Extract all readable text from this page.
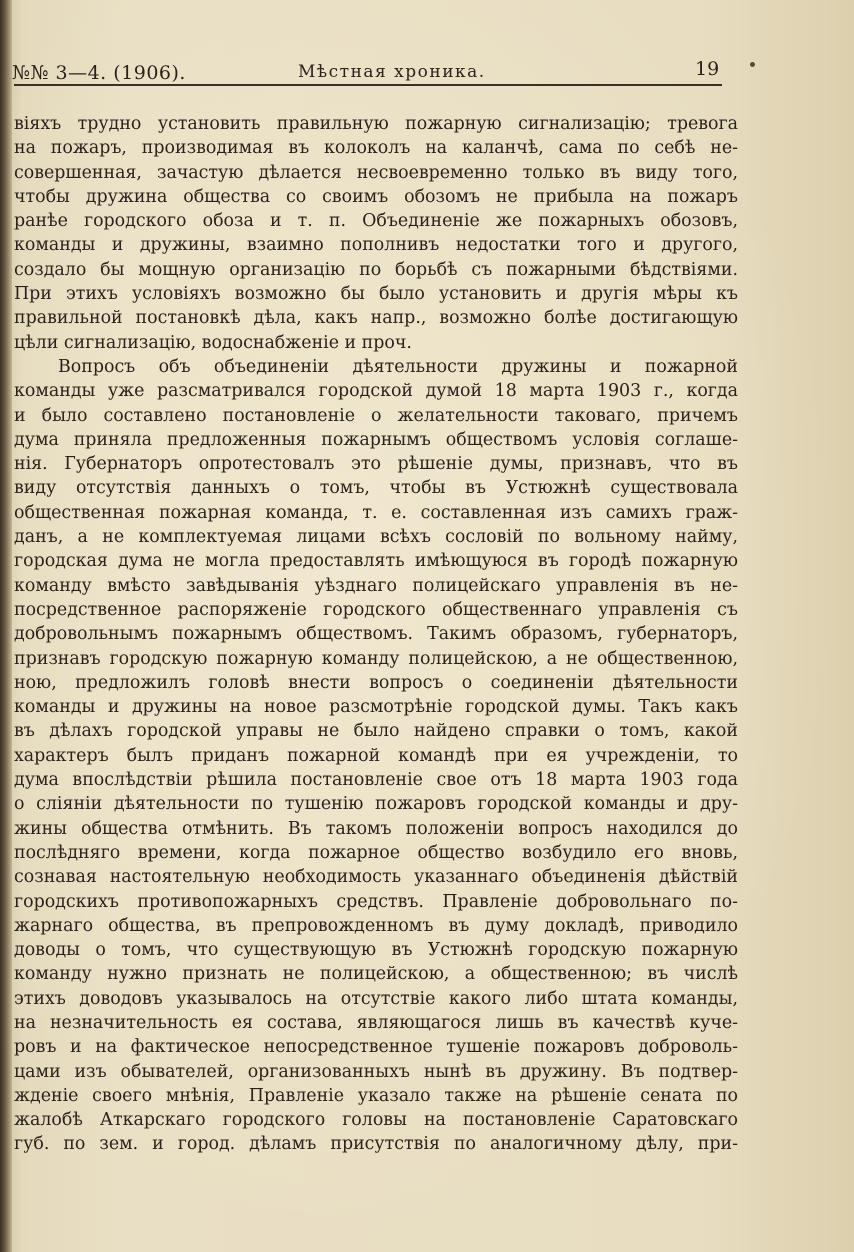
№№ 3—4. (1906).	Мѣстная хроника.	19
віяхъ трудно установить правильную пожарную сигнализацію; тревога
на пожаръ, производимая въ колоколъ на каланчѣ, сама по себѣ не-
совершенная, зачастую дѣлается несвоевременно только въ виду того,
чтобы дружина общества со своимъ обозомъ не прибыла на пожаръ
ранѣе городского обоза и т. п. Объединеніе же пожарныхъ обозовъ,
команды и дружины, взаимно пополнивъ недостатки того и другого,
создало бы мощную организацію по борьбѣ съ пожарными бѣдствіями.
При этихъ условіяхъ возможно бы было установить и другія мѣры къ
правильной постановкѣ дѣла, какъ напр., возможно болѣе достигающую
цѣли сигнализацію, водоснабженіе и проч.
Вопросъ объ объединеніи дѣятельности дружины и пожарной
команды уже разсматривался городской думой 18 марта 1903 г., когда
и было составлено постановленіе о желательности таковаго, причемъ
дума приняла предложенныя пожарнымъ обществомъ условія соглаше-
нія. Губернаторъ опротестовалъ это рѣшеніе думы, признавъ, что въ
виду отсутствія данныхъ о томъ, чтобы въ Устюжнѣ существовала
общественная пожарная команда, т. е. составленная изъ самихъ граж-
данъ, а не комплектуемая лицами всѣхъ сословій по вольному найму,
городская дума не могла предоставлять имѣющуюся въ городѣ пожарную
команду вмѣсто завѣдыванія уѣзднаго полицейскаго управленія въ не-
посредственное распоряженіе городского общественнаго управленія съ
добровольнымъ пожарнымъ обществомъ. Такимъ образомъ, губернаторъ,
признавъ городскую пожарную команду полицейскою, а не общественною,
ною, предложилъ головѣ внести вопросъ о соединеніи дѣятельности
команды и дружины на новое разсмотрѣніе городской думы. Такъ какъ
въ дѣлахъ городской управы не было найдено справки о томъ, какой
характеръ былъ приданъ пожарной командѣ при ея учрежденіи, то
дума впослѣдствіи рѣшила постановленіе свое отъ 18 марта 1903 года
о сліяніи дѣятельности по тушенію пожаровъ городской команды и дру-
жины общества отмѣнить. Въ такомъ положеніи вопросъ находился до
послѣдняго времени, когда пожарное общество возбудило его вновь,
сознавая настоятельную необходимость указаннаго объединенія дѣйствій
городскихъ противопожарныхъ средствъ. Правленіе добровольнаго по-
жарнаго общества, въ препровожденномъ въ думу докладѣ, приводило
доводы о томъ, что существующую въ Устюжнѣ городскую пожарную
команду нужно признать не полицейскою, а общественною; въ числѣ
этихъ доводовъ указывалось на отсутствіе какого либо штата команды,
на незначительность ея состава, являющагося лишь въ качествѣ куче-
ровъ и на фактическое непосредственное тушеніе пожаровъ доброволь-
цами изъ обывателей, организованныхъ нынѣ въ дружину. Въ подтвер-
жденіе своего мнѣнія, Правленіе указало также на рѣшеніе сената по
жалобѣ Аткарскаго городского головы на постановленіе Саратовскаго
губ. по зем. и город. дѣламъ присутствія по аналогичному дѣлу, при-
